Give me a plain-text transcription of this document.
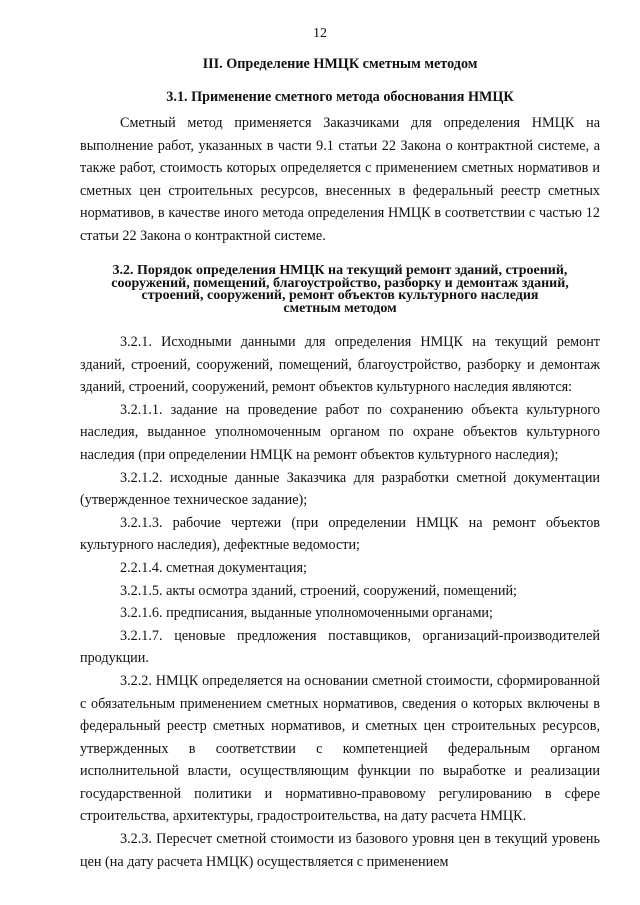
12
III. Определение НМЦК сметным методом
3.1. Применение сметного метода обоснования НМЦК

Сметный метод применяется Заказчиками для определения НМЦК на выполнение работ, указанных в части 9.1 статьи 22 Закона о контрактной системе, а также работ, стоимость которых определяется с применением сметных нормативов и сметных цен строительных ресурсов, внесенных в федеральный реестр сметных нормативов, в качестве иного метода определения НМЦК в соответствии с частью 12 статьи 22 Закона о контрактной системе.

3.2. Порядок определения НМЦК на текущий ремонт зданий, строений,
сооружений, помещений, благоустройство, разборку и демонтаж зданий,
строений, сооружений, ремонт объектов культурного наследия
сметным методом

3.2.1. Исходными данными для определения НМЦК на текущий ремонт зданий, строений, сооружений, помещений, благоустройство, разборку и демонтаж зданий, строений, сооружений, ремонт объектов культурного наследия являются:

3.2.1.1. задание на проведение работ по сохранению объекта культурного наследия, выданное уполномоченным органом по охране объектов культурного наследия (при определении НМЦК на ремонт объектов культурного наследия);

3.2.1.2. исходные данные Заказчика для разработки сметной документации (утвержденное техническое задание);

3.2.1.3. рабочие чертежи (при определении НМЦК на ремонт объектов культурного наследия), дефектные ведомости;

2.2.1.4. сметная документация;

3.2.1.5. акты осмотра зданий, строений, сооружений, помещений;

3.2.1.6. предписания, выданные уполномоченными органами;

3.2.1.7. ценовые предложения поставщиков, организаций-производителей продукции.

3.2.2. НМЦК определяется на основании сметной стоимости, сформированной с обязательным применением сметных нормативов, сведения о которых включены в федеральный реестр сметных нормативов, и сметных цен строительных ресурсов, утвержденных в соответствии с компетенцией федеральным органом исполнительной власти, осуществляющим функции по выработке и реализации государственной политики и нормативно-правовому регулированию в сфере строительства, архитектуры, градостроительства, на дату расчета НМЦК.

3.2.3. Пересчет сметной стоимости из базового уровня цен в текущий уровень цен (на дату расчета НМЦК) осуществляется с применением
